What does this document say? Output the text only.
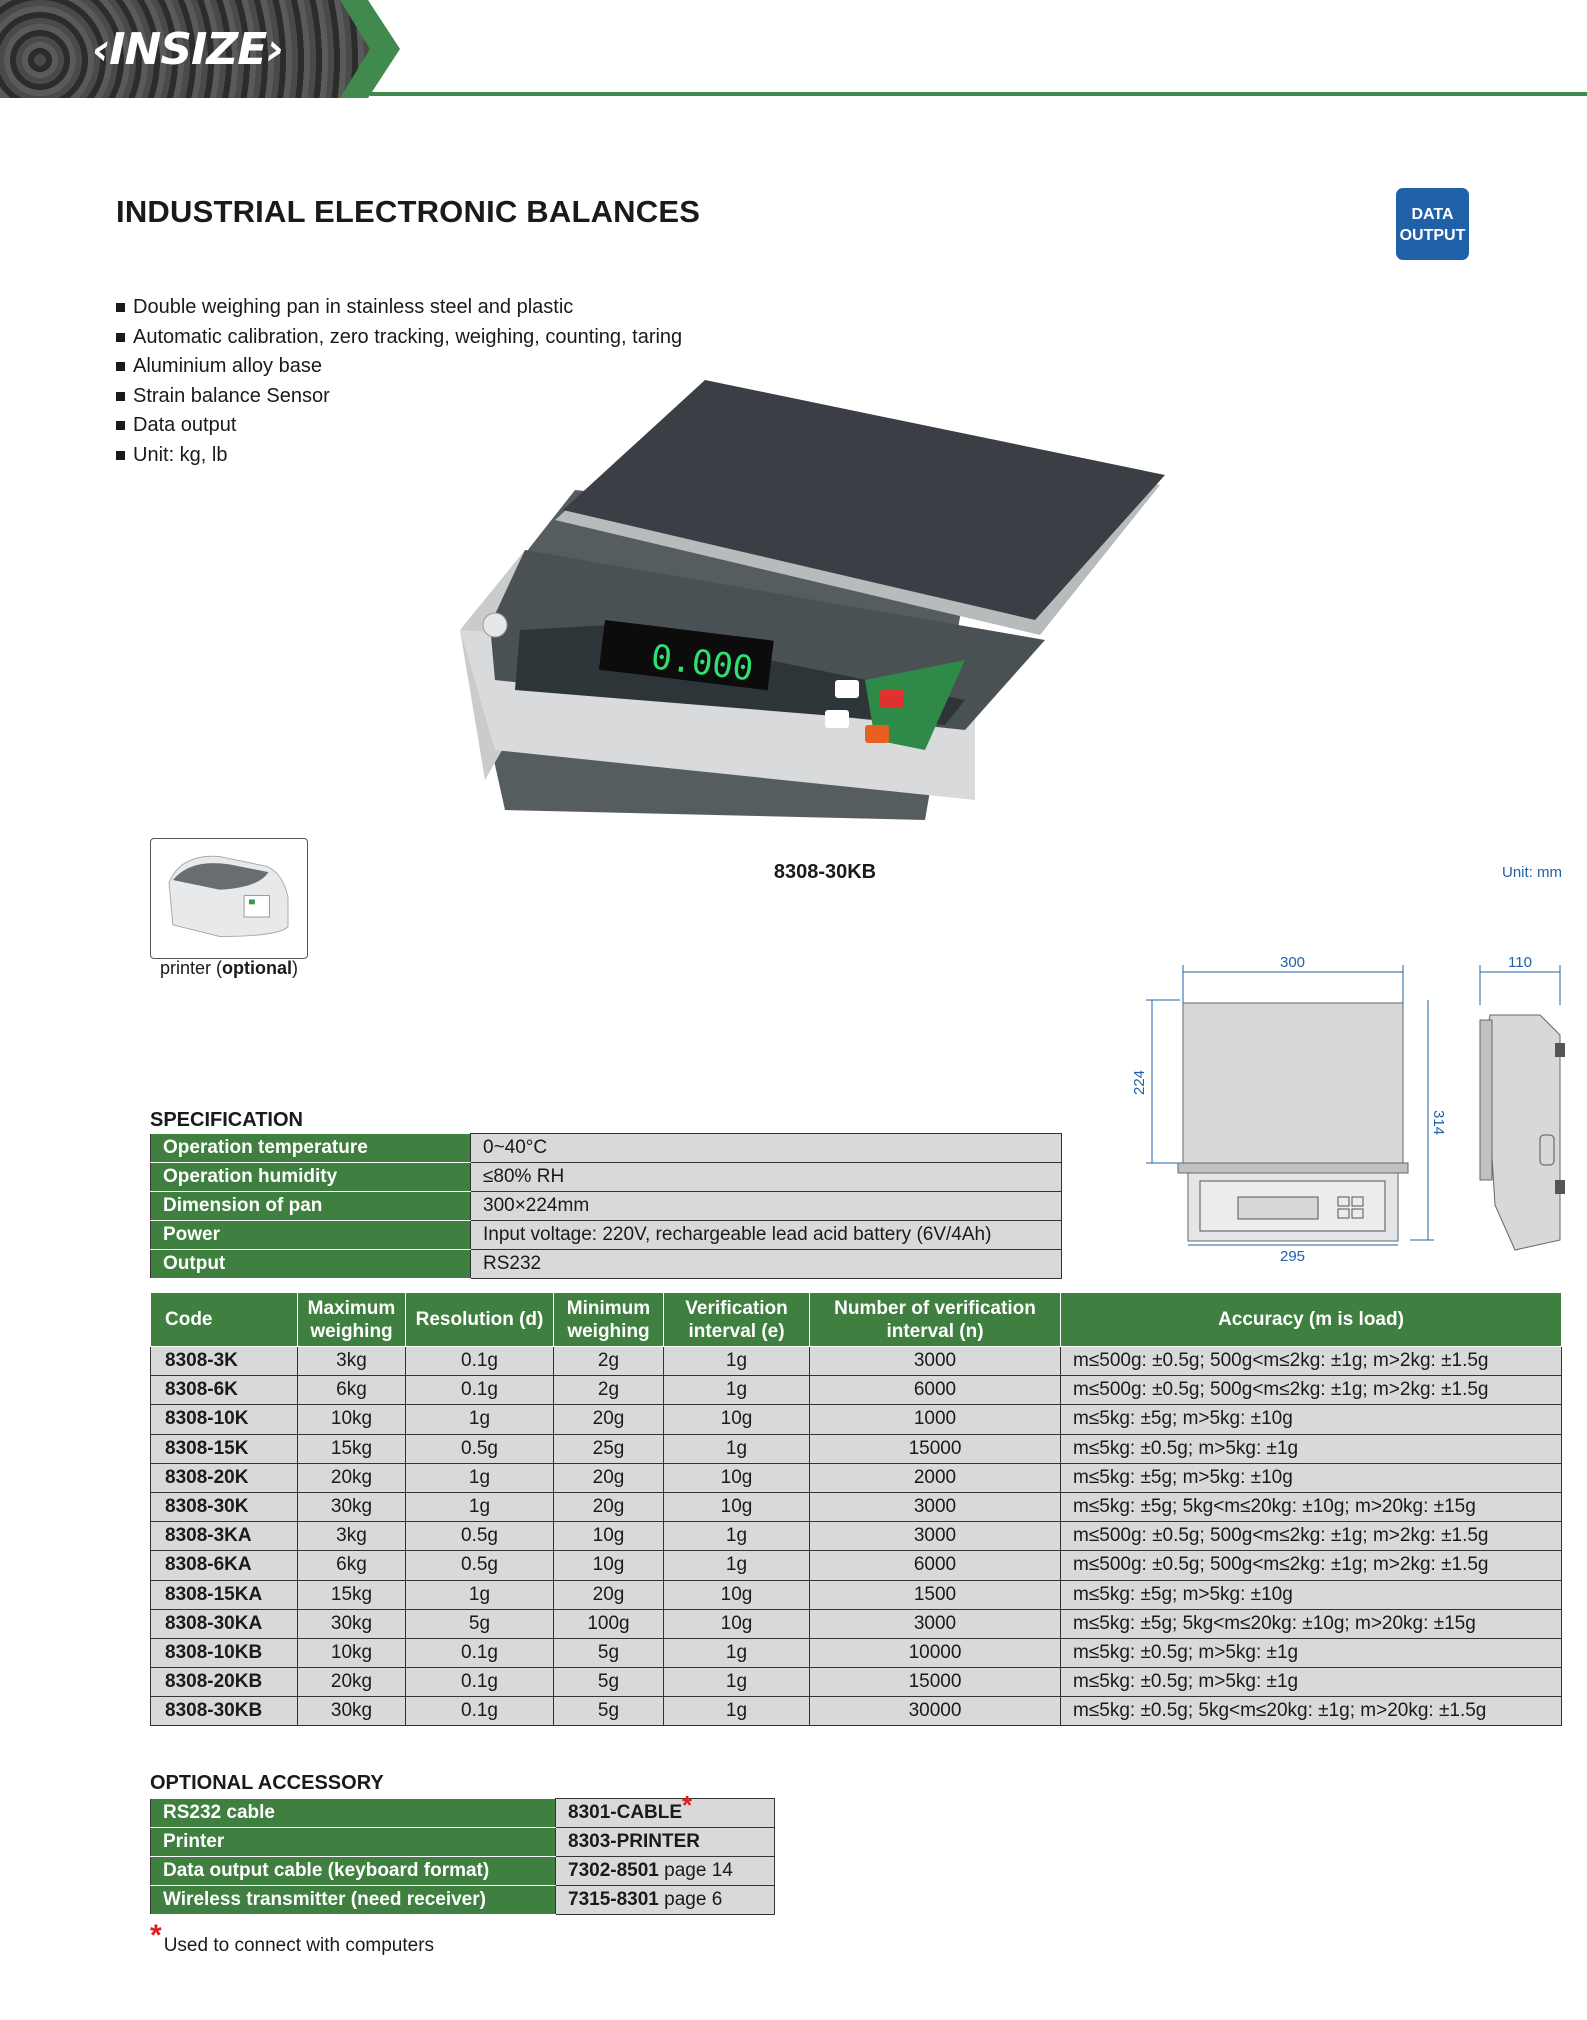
‹INSIZE›
INDUSTRIAL ELECTRONIC BALANCES	DATA
OUTPUT
Double weighing pan in stainless steel and plastic
Automatic calibration, zero tracking, weighing, counting, taring
Aluminium alloy base
Strain balance Sensor
Data output
Unit: kg, lb
0.000
8308-30KB	Unit: mm
printer (optional)	300	110
224
314
295
SPECIFICATION
Operation temperature	0~40°C
Operation humidity	≤80% RH
Dimension of pan	300×224mm
Power	Input voltage: 220V, rechargeable lead acid battery (6V/4Ah)
Output	RS232
Code	Maximum weighing	Resolution (d)	Minimum weighing	Verification interval (e)	Number of verification interval (n)	Accuracy (m is load)
8308-3K	3kg	0.1g	2g	1g	3000	m≤500g: ±0.5g; 500g<m≤2kg: ±1g; m>2kg: ±1.5g
8308-6K	6kg	0.1g	2g	1g	6000	m≤500g: ±0.5g; 500g<m≤2kg: ±1g; m>2kg: ±1.5g
8308-10K	10kg	1g	20g	10g	1000	m≤5kg: ±5g; m>5kg: ±10g
8308-15K	15kg	0.5g	25g	1g	15000	m≤5kg: ±0.5g; m>5kg: ±1g
8308-20K	20kg	1g	20g	10g	2000	m≤5kg: ±5g; m>5kg: ±10g
8308-30K	30kg	1g	20g	10g	3000	m≤5kg: ±5g; 5kg<m≤20kg: ±10g; m>20kg: ±15g
8308-3KA	3kg	0.5g	10g	1g	3000	m≤500g: ±0.5g; 500g<m≤2kg: ±1g; m>2kg: ±1.5g
8308-6KA	6kg	0.5g	10g	1g	6000	m≤500g: ±0.5g; 500g<m≤2kg: ±1g; m>2kg: ±1.5g
8308-15KA	15kg	1g	20g	10g	1500	m≤5kg: ±5g; m>5kg: ±10g
8308-30KA	30kg	5g	100g	10g	3000	m≤5kg: ±5g; 5kg<m≤20kg: ±10g; m>20kg: ±15g
8308-10KB	10kg	0.1g	5g	1g	10000	m≤5kg: ±0.5g; m>5kg: ±1g
8308-20KB	20kg	0.1g	5g	1g	15000	m≤5kg: ±0.5g; m>5kg: ±1g
8308-30KB	30kg	0.1g	5g	1g	30000	m≤5kg: ±0.5g; 5kg<m≤20kg: ±1g; m>20kg: ±1.5g
OPTIONAL ACCESSORY
RS232 cable	8301-CABLE*
Printer	8303-PRINTER
Data output cable (keyboard format)	7302-8501 page 14
Wireless transmitter (need receiver)	7315-8301 page 6
* Used to connect with computers
